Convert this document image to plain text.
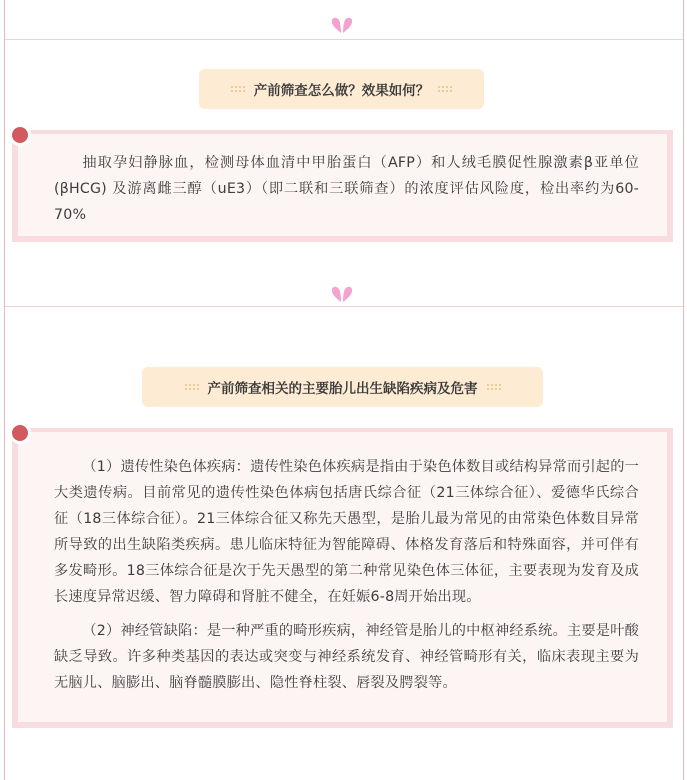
产前筛查怎么做？效果如何？

抽取孕妇静脉血，检测母体血清中甲胎蛋白（AFP）和人绒毛膜促性腺激素β亚单位(βHCG) 及游离雌三醇（uE3）（即二联和三联筛查）的浓度评估风险度，检出率约为60-70%

产前筛查相关的主要胎儿出生缺陷疾病及危害

（1）遗传性染色体疾病：遗传性染色体疾病是指由于染色体数目或结构异常而引起的一大类遗传病。目前常见的遗传性染色体病包括唐氏综合征（21三体综合征）、爱德华氏综合征（18三体综合征）。21三体综合征又称先天愚型，是胎儿最为常见的由常染色体数目异常所导致的出生缺陷类疾病。患儿临床特征为智能障碍、体格发育落后和特殊面容，并可伴有多发畸形。18三体综合征是次于先天愚型的第二种常见染色体三体征，主要表现为发育及成长速度异常迟缓、智力障碍和肾脏不健全，在妊娠6-8周开始出现。

（2）神经管缺陷：是一种严重的畸形疾病，神经管是胎儿的中枢神经系统。主要是叶酸缺乏导致。许多种类基因的表达或突变与神经系统发育、神经管畸形有关，临床表现主要为无脑儿、脑膨出、脑脊髓膜膨出、隐性脊柱裂、唇裂及腭裂等。
